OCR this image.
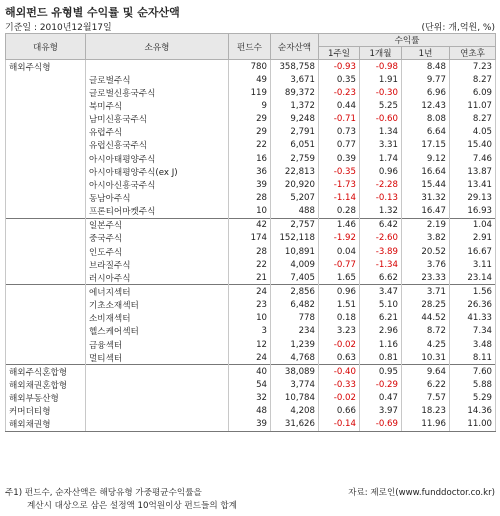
해외펀드 유형별 수익률 및 순자산액
기준일 : 2010년12월17일	(단위: 개,억원, %)
대유형	소유형	펀드수	순자산액	수익률			
				1주일	1개월	1년	연초후
해외주식형		780	358,758	-0.93	-0.98	8.48	7.23
	글로벌주식	49	3,671	0.35	1.91	9.77	8.27
	글로벌신흥국주식	119	89,372	-0.23	-0.30	6.96	6.09
	북미주식	9	1,372	0.44	5.25	12.43	11.07
	남미신흥국주식	29	9,248	-0.71	-0.60	8.08	8.27
	유럽주식	29	2,791	0.73	1.34	6.64	4.05
	유럽신흥국주식	22	6,051	0.77	3.31	17.15	15.40
	아시아태평양주식	16	2,759	0.39	1.74	9.12	7.46
	아시아태평양주식(ex J)	36	22,813	-0.35	0.96	16.64	13.87
	아시아신흥국주식	39	20,920	-1.73	-2.28	15.44	13.41
	동남아주식	28	5,207	-1.14	-0.13	31.32	29.13
	프론티어마켓주식	10	488	0.28	1.32	16.47	16.93
	일본주식	42	2,757	1.46	6.42	2.19	1.04
	중국주식	174	152,118	-1.92	-2.60	3.82	2.91
	인도주식	28	10,891	0.04	-3.89	20.52	16.67
	브라질주식	22	4,009	-0.77	-1.34	3.76	3.11
	러시아주식	21	7,405	1.65	6.62	23.33	23.14
	에너지섹터	24	2,856	0.96	3.47	3.71	1.56
	기초소재섹터	23	6,482	1.51	5.10	28.25	26.36
	소비재섹터	10	778	0.18	6.21	44.52	41.33
	헬스케어섹터	3	234	3.23	2.96	8.72	7.34
	금융섹터	12	1,239	-0.02	1.16	4.25	3.48
	멀티섹터	24	4,768	0.63	0.81	10.31	8.11
해외주식혼합형		40	38,089	-0.40	0.95	9.64	7.60
해외채권혼합형		54	3,774	-0.33	-0.29	6.22	5.88
해외부동산형		32	10,784	-0.02	0.47	7.57	5.29
커머더티형		48	4,208	0.66	3.97	18.23	14.36
해외채권형		39	31,626	-0.14	-0.69	11.96	11.00
주1) 펀드수, 순자산액은 해당유형 가중평균수익률을
계산시 대상으로 삼은 설정액 10억원이상 펀드들의 합계
자료: 제로인(www.funddoctor.co.kr)
